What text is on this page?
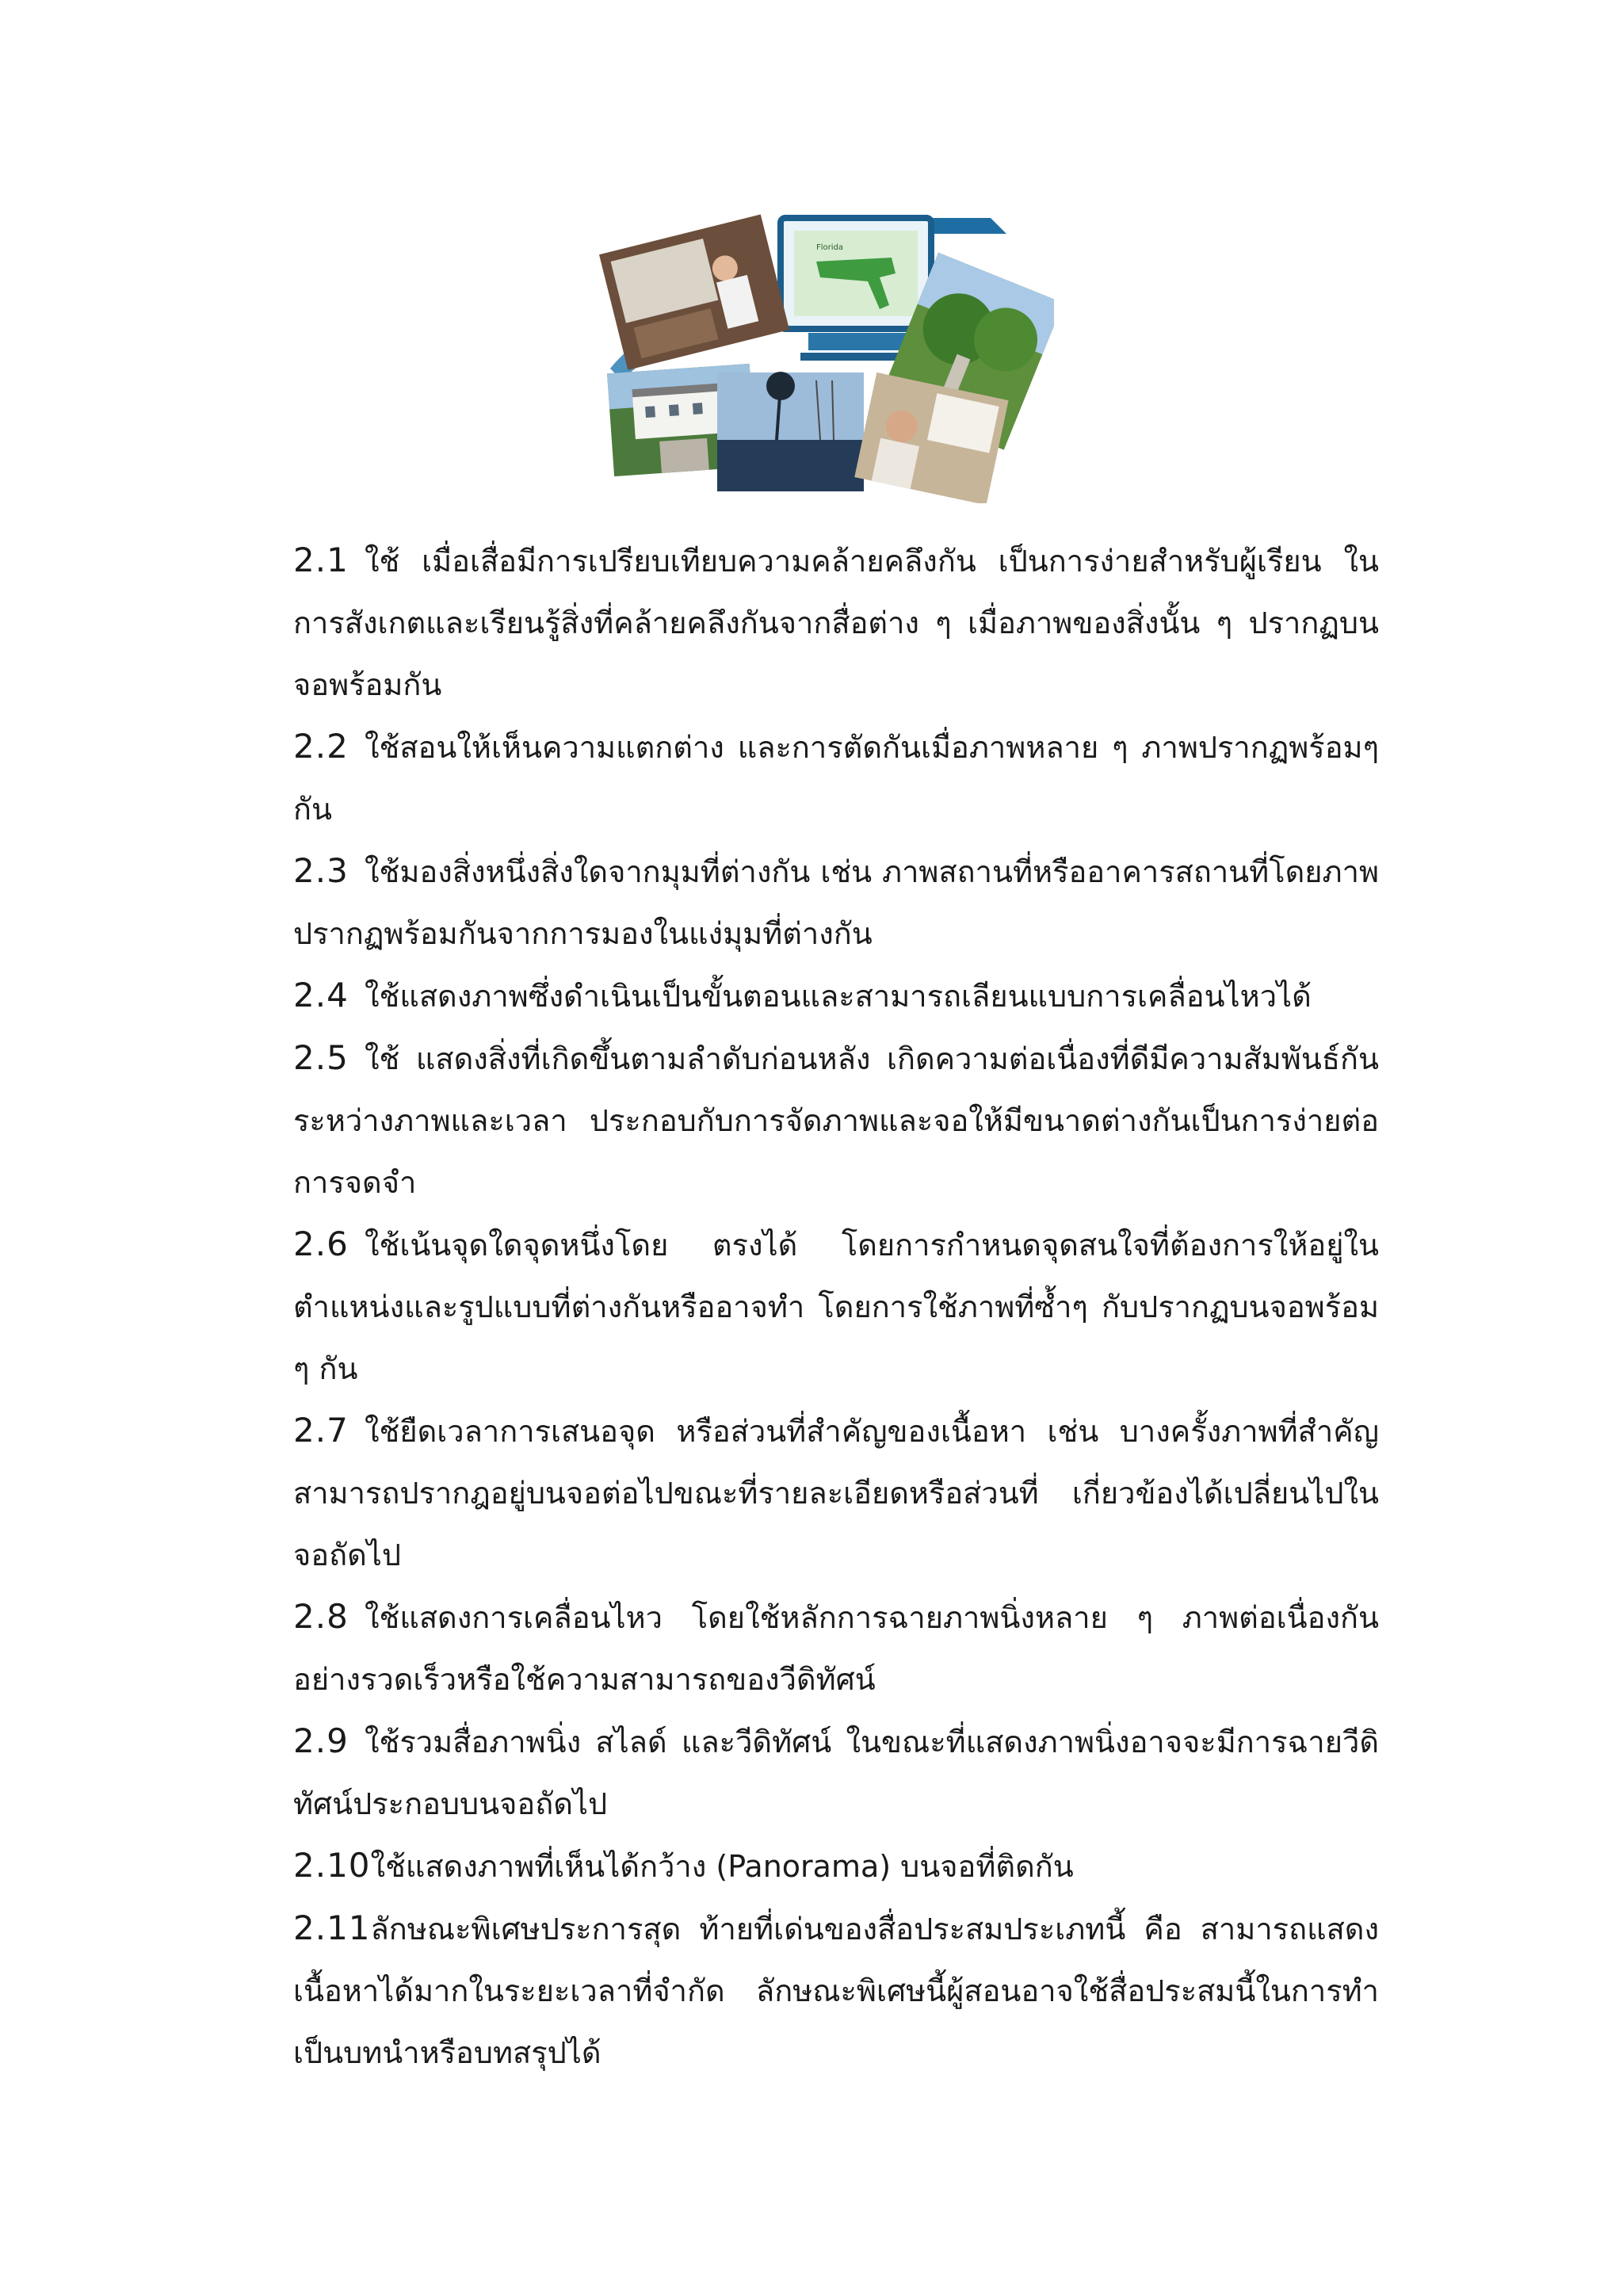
Florida

2.1 ใช้ เมื่อเสื่อมีการเปรียบเทียบความคล้ายคลึงกัน เป็นการง่ายสำหรับผู้เรียน ในการสังเกตและเรียนรู้สิ่งที่คล้ายคลึงกันจากสื่อต่าง ๆ เมื่อภาพของสิ่งนั้น ๆ ปรากฏบนจอพร้อมกัน

2.2 ใช้สอนให้เห็นความแตกต่าง และการตัดกันเมื่อภาพหลาย ๆ ภาพปรากฏพร้อมๆ กัน

2.3 ใช้มองสิ่งหนึ่งสิ่งใดจากมุมที่ต่างกัน เช่น ภาพสถานที่หรืออาคารสถานที่โดยภาพปรากฏพร้อมกันจากการมองในแง่มุมที่ต่างกัน

2.4 ใช้แสดงภาพซึ่งดำเนินเป็นขั้นตอนและสามารถเลียนแบบการเคลื่อนไหวได้

2.5 ใช้ แสดงสิ่งที่เกิดขึ้นตามลำดับก่อนหลัง เกิดความต่อเนื่องที่ดีมีความสัมพันธ์กันระหว่างภาพและเวลา ประกอบกับการจัดภาพและจอให้มีขนาดต่างกันเป็นการง่ายต่อการจดจำ

2.6 ใช้เน้นจุดใดจุดหนึ่งโดย ตรงได้ โดยการกำหนดจุดสนใจที่ต้องการให้อยู่ในตำแหน่งและรูปแบบที่ต่างกันหรืออาจทำ โดยการใช้ภาพที่ซ้ำๆ กับปรากฏบนจอพร้อม ๆ กัน

2.7 ใช้ยืดเวลาการเสนอจุด หรือส่วนที่สำคัญของเนื้อหา เช่น บางครั้งภาพที่สำคัญสามารถปรากฎอยู่บนจอต่อไปขณะที่รายละเอียดหรือส่วนที่ เกี่ยวข้องได้เปลี่ยนไปในจอถัดไป

2.8 ใช้แสดงการเคลื่อนไหว โดยใช้หลักการฉายภาพนิ่งหลาย ๆ ภาพต่อเนื่องกันอย่างรวดเร็วหรือใช้ความสามารถของวีดิทัศน์

2.9 ใช้รวมสื่อภาพนิ่ง สไลด์ และวีดิทัศน์ ในขณะที่แสดงภาพนิ่งอาจจะมีการฉายวีดิทัศน์ประกอบบนจอถัดไป

2.10ใช้แสดงภาพที่เห็นได้กว้าง (Panorama) บนจอที่ติดกัน

2.11ลักษณะพิเศษประการสุด ท้ายที่เด่นของสื่อประสมประเภทนี้ คือ สามารถแสดงเนื้อหาได้มากในระยะเวลาที่จำกัด ลักษณะพิเศษนี้ผู้สอนอาจใช้สื่อประสมนี้ในการทำเป็นบทนำหรือบทสรุปได้
